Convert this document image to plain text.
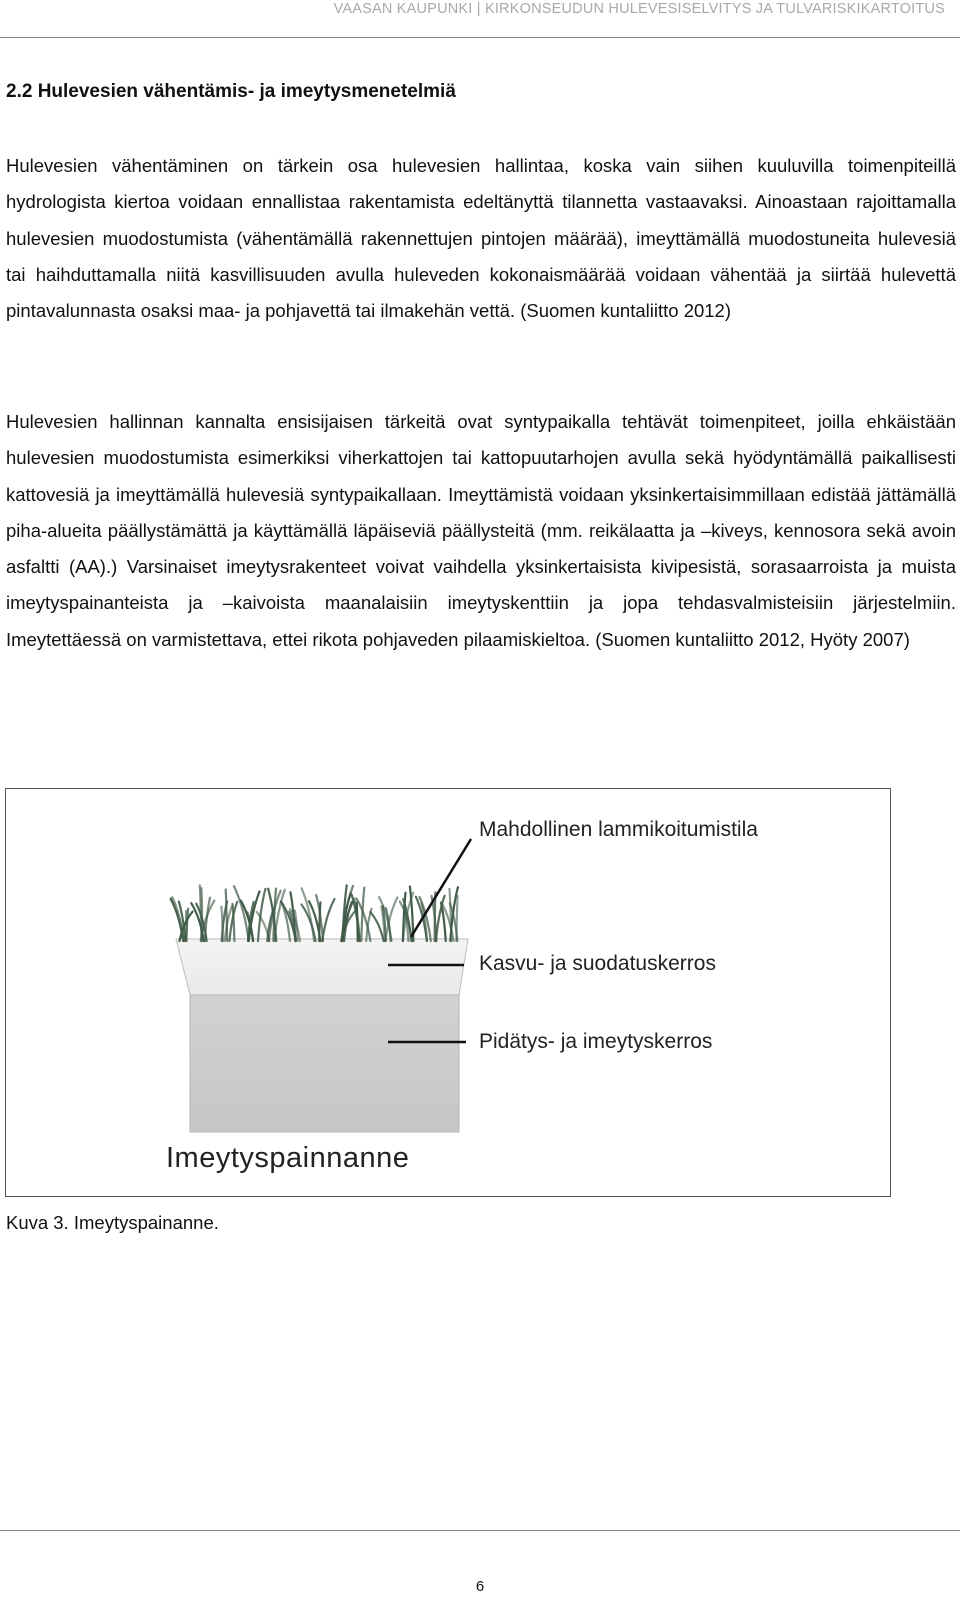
VAASAN KAUPUNKI | KIRKONSEUDUN HULEVESISELVITYS JA TULVARISKIKARTOITUS
2.2 Hulevesien vähentämis- ja imeytysmenetelmiä

Hulevesien vähentäminen on tärkein osa hulevesien hallintaa, koska vain siihen kuuluvilla toimenpiteillä hydrologista kiertoa voidaan ennallistaa rakentamista edeltänyttä tilannetta vastaavaksi. Ainoastaan rajoittamalla hulevesien muodostumista (vähentämällä rakennettujen pintojen määrää), imeyttämällä muodostuneita hulevesiä tai haihduttamalla niitä kasvillisuuden avulla huleveden kokonaismäärää voidaan vähentää ja siirtää hulevettä pintavalunnasta osaksi maa- ja pohjavettä tai ilmakehän vettä. (Suomen kuntaliitto 2012)

Hulevesien hallinnan kannalta ensisijaisen tärkeitä ovat syntypaikalla tehtävät toimenpiteet, joilla ehkäistään hulevesien muodostumista esimerkiksi viherkattojen tai kattopuutarhojen avulla sekä hyödyntämällä paikallisesti kattovesiä ja imeyttämällä hulevesiä syntypaikallaan. Imeyttämistä voidaan yksinkertaisimmillaan edistää jättämällä piha-alueita päällystämättä ja käyttämällä läpäiseviä päällysteitä (mm. reikälaatta ja –kiveys, kennosora sekä avoin asfaltti (AA).) Varsinaiset imeytysrakenteet voivat vaihdella yksinkertaisista kivipesistä, sorasaarroista ja muista imeytyspainanteista ja –kaivoista maanalaisiin imeytyskenttiin ja jopa tehdasvalmisteisiin järjestelmiin. Imeytettäessä on varmistettava, ettei rikota pohjaveden pilaamiskieltoa. (Suomen kuntaliitto 2012, Hyöty 2007)

Mahdollinen lammikoitumistila
Kasvu- ja suodatuskerros
Pidätys- ja imeytyskerros
Imeytyspainnanne

Kuva 3. Imeytyspainanne.

6
